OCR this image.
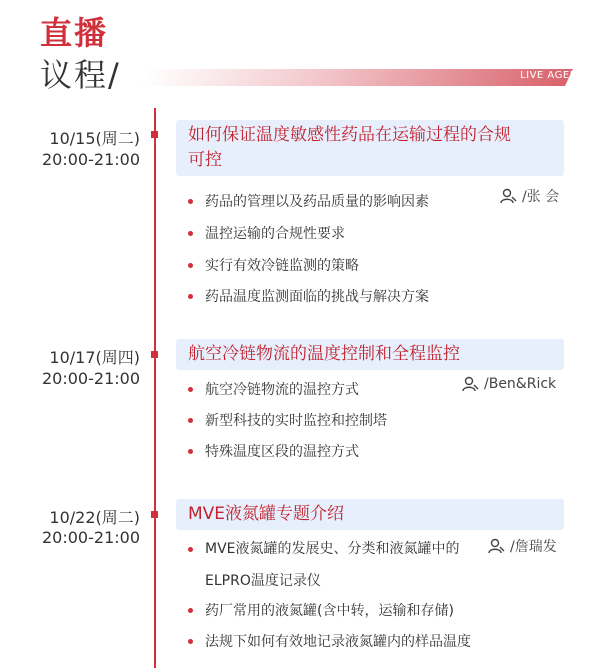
直播
议程/	LIVE AGENDA
10/15(周二)
20:00-21:00
如何保证温度敏感性药品在运输过程的合规可控
/张 会
药品的管理以及药品质量的影响因素
温控运输的合规性要求
实行有效冷链监测的策略
药品温度监测面临的挑战与解决方案
10/17(周四)
20:00-21:00
航空冷链物流的温度控制和全程监控
/Ben&Rick
航空冷链物流的温控方式
新型科技的实时监控和控制塔
特殊温度区段的温控方式
10/22(周二)
20:00-21:00
MVE液氮罐专题介绍
/詹瑞发
MVE液氮罐的发展史、分类和液氮罐中的ELPRO温度记录仪
药厂常用的液氮罐(含中转，运输和存储)
法规下如何有效地记录液氮罐内的样品温度
